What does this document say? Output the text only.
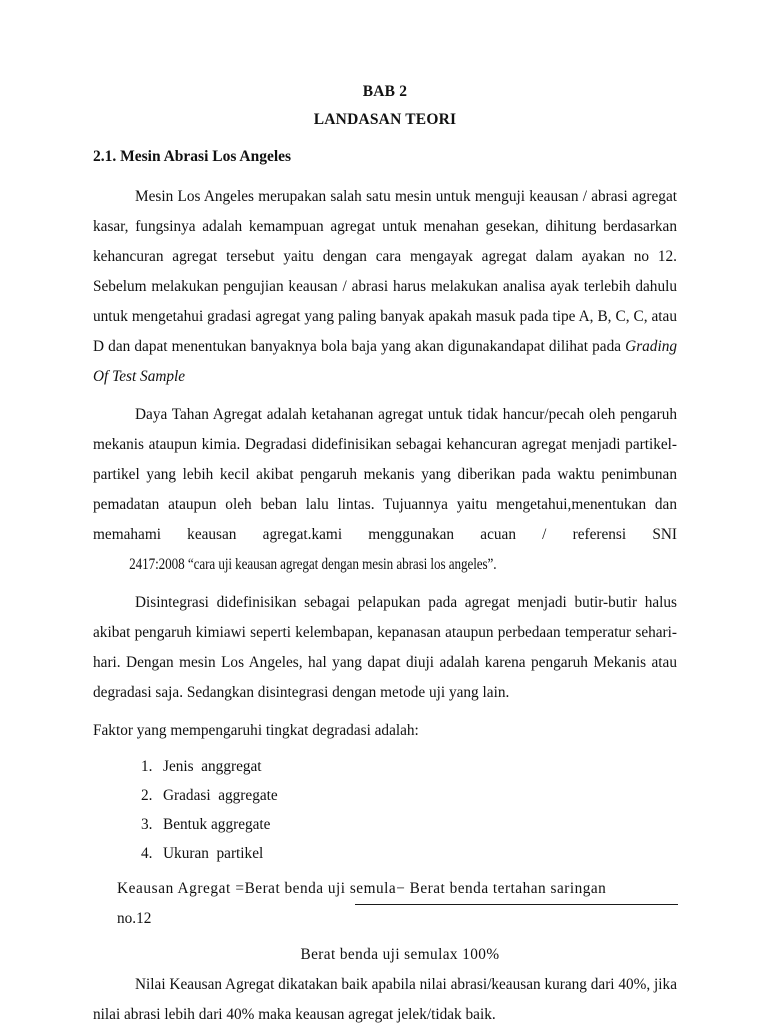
BAB 2
LANDASAN TEORI
2.1. Mesin Abrasi Los Angeles

Mesin Los Angeles merupakan salah satu mesin untuk menguji keausan / abrasi agregat kasar, fungsinya adalah kemampuan agregat untuk menahan gesekan, dihitung berdasarkan kehancuran agregat tersebut yaitu dengan cara mengayak agregat dalam ayakan no 12. Sebelum melakukan pengujian keausan / abrasi harus melakukan analisa ayak terlebih dahulu untuk mengetahui gradasi agregat yang paling banyak apakah masuk pada tipe A, B, C, C, atau D dan dapat menentukan banyaknya bola baja yang akan digunakandapat dilihat pada Grading Of Test Sample

Daya Tahan Agregat adalah ketahanan agregat untuk tidak hancur/pecah oleh pengaruh mekanis ataupun kimia. Degradasi didefinisikan sebagai kehancuran agregat menjadi partikel-partikel yang lebih kecil akibat pengaruh mekanis yang diberikan pada waktu penimbunan pemadatan ataupun oleh beban lalu lintas. Tujuannya yaitu mengetahui,menentukan dan memahami keausan agregat.kami menggunakan acuan / referensi SNI 2417:2008 “cara uji keausan agregat dengan mesin abrasi los angeles”.

Disintegrasi didefinisikan sebagai pelapukan pada agregat menjadi butir-butir halus akibat pengaruh kimiawi seperti kelembapan, kepanasan ataupun perbedaan temperatur sehari-hari. Dengan mesin Los Angeles, hal yang dapat diuji adalah karena pengaruh Mekanis atau degradasi saja. Sedangkan disintegrasi dengan metode uji yang lain.

Faktor yang mempengaruhi tingkat degradasi adalah:

1. Jenis  anggregat
2. Gradasi  aggregate
3. Bentuk aggregate
4. Ukuran  partikel
Keausan Agregat =Berat benda uji semula− Berat benda tertahan saringan
no.12
Berat benda uji semulax 100%

Nilai Keausan Agregat dikatakan baik apabila nilai abrasi/keausan kurang dari 40%, jika nilai abrasi lebih dari 40% maka keausan agregat jelek/tidak baik.
